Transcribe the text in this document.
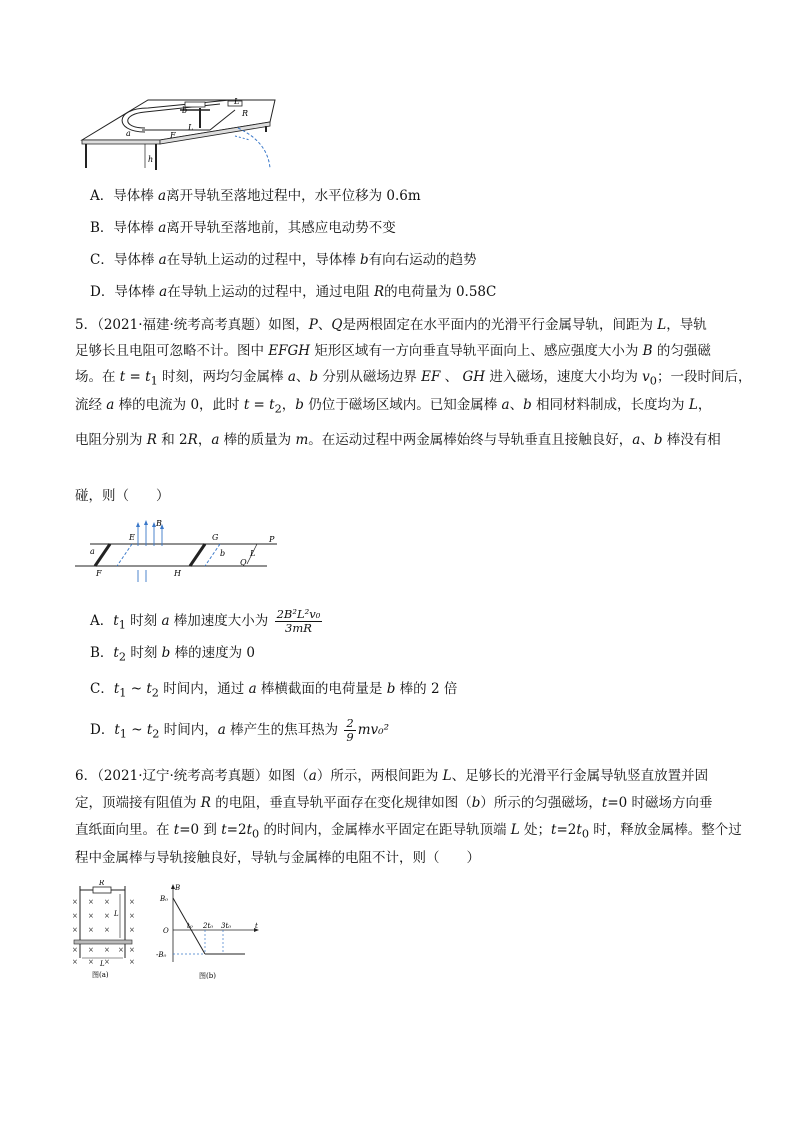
a
b
F
L
L
R
h
A．导体棒 a离开导轨至落地过程中，水平位移为 0.6m
B．导体棒 a离开导轨至落地前，其感应电动势不变
C．导体棒 a在导轨上运动的过程中，导体棒 b有向右运动的趋势
D．导体棒 a在导轨上运动的过程中，通过电阻 R的电荷量为 0.58C
5．（2021·福建·统考高考真题）如图，P、Q是两根固定在水平面内的光滑平行金属导轨，间距为 L，导轨
足够长且电阻可忽略不计。图中 EFGH 矩形区域有一方向垂直导轨平面向上、感应强度大小为 B 的匀强磁
场。在 $t = t_1$ 时刻，两均匀金属棒 a、b 分别从磁场边界 EF 、 GH 进入磁场，速度大小均为 $v_0$；一段时间后，
流经 a 棒的电流为 0，此时 $t = t_2$，b 仍位于磁场区域内。已知金属棒 a、b 相同材料制成，长度均为 L，
电阻分别为 R 和 2R，a 棒的质量为 m。在运动过程中两金属棒始终与导轨垂直且接触良好，a、b 棒没有相
碰，则（　　）
E
B
G	P
a	b	L
Q
F	H
A．$t_1$ 时刻 a 棒加速度大小为 $\frac{\text{2B²L²v₀}}{3mR}$
B．$t_2$ 时刻 b 棒的速度为 0
C．$t_1$ ~ $t_2$ 时间内，通过 a 棒横截面的电荷量是 b 棒的 2 倍
D．$t_1$ ~ $t_2$ 时间内，a 棒产生的焦耳热为 $\frac{2}{9} mv_0^2$
6．（2021·辽宁·统考高考真题）如图（a）所示，两根间距为 L、足够长的光滑平行金属导轨竖直放置并固
定，顶端接有阻值为 R 的电阻，垂直导轨平面存在变化规律如图（b）所示的匀强磁场，t=0 时磁场方向垂
直纸面向里。在 t=0 到 $t=2t_0$ 的时间内，金属棒水平固定在距导轨顶端 L 处；$t=2t_0$ 时，释放金属棒。整个过
程中金属棒与导轨接触良好，导轨与金属棒的电阻不计，则（　　）
× × ×	×
× × ×	×
× × ×	×
× × × × ×
× × ×	×
R
L
L
图(a)
B
B₀
O
t₀ 2t₀ 3t₀	t
-B₀
图(b)
